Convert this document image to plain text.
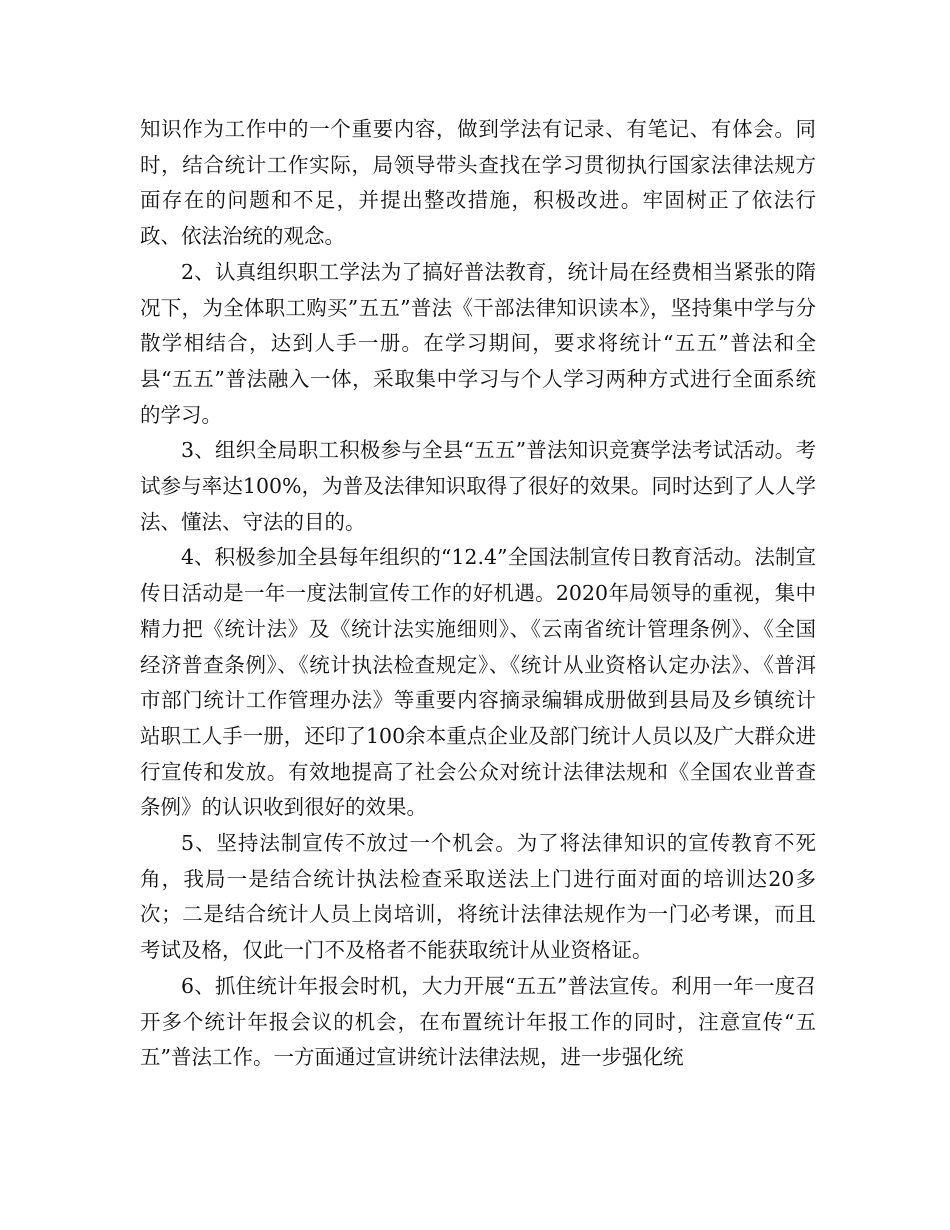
知识作为工作中的一个重要内容，做到学法有记录、有笔记、有体会。同时，结合统计工作实际，局领导带头查找在学习贯彻执行国家法律法规方面存在的问题和不足，并提出整改措施，积极改进。牢固树正了依法行政、依法治统的观念。

2、认真组织职工学法为了搞好普法教育，统计局在经费相当紧张的隋况下，为全体职工购买”五五”普法《干部法律知识读本》，坚持集中学与分散学相结合，达到人手一册。在学习期间，要求将统计“五五”普法和全县“五五”普法融入一体，采取集中学习与个人学习两种方式进行全面系统的学习。

3、组织全局职工积极参与全县“五五”普法知识竞赛学法考试活动。考试参与率达100%，为普及法律知识取得了很好的效果。同时达到了人人学法、懂法、守法的目的。

4、积极参加全县每年组织的“12.4”全国法制宣传日教育活动。法制宣传日活动是一年一度法制宣传工作的好机遇。2020年局领导的重视，集中精力把《统计法》及《统计法实施细则》、《云南省统计管理条例》、《全国经济普查条例》、《统计执法检查规定》、《统计从业资格认定办法》、《普洱市部门统计工作管理办法》等重要内容摘录编辑成册做到县局及乡镇统计站职工人手一册，还印了100余本重点企业及部门统计人员以及广大群众进行宣传和发放。有效地提高了社会公众对统计法律法规和《全国农业普查条例》的认识收到很好的效果。

5、坚持法制宣传不放过一个机会。为了将法律知识的宣传教育不死角，我局一是结合统计执法检查采取送法上门进行面对面的培训达20多次；二是结合统计人员上岗培训，将统计法律法规作为一门必考课，而且考试及格，仅此一门不及格者不能获取统计从业资格证。

6、抓住统计年报会时机，大力开展“五五”普法宣传。利用一年一度召开多个统计年报会议的机会，在布置统计年报工作的同时，注意宣传“五五”普法工作。一方面通过宣讲统计法律法规，进一步强化统
